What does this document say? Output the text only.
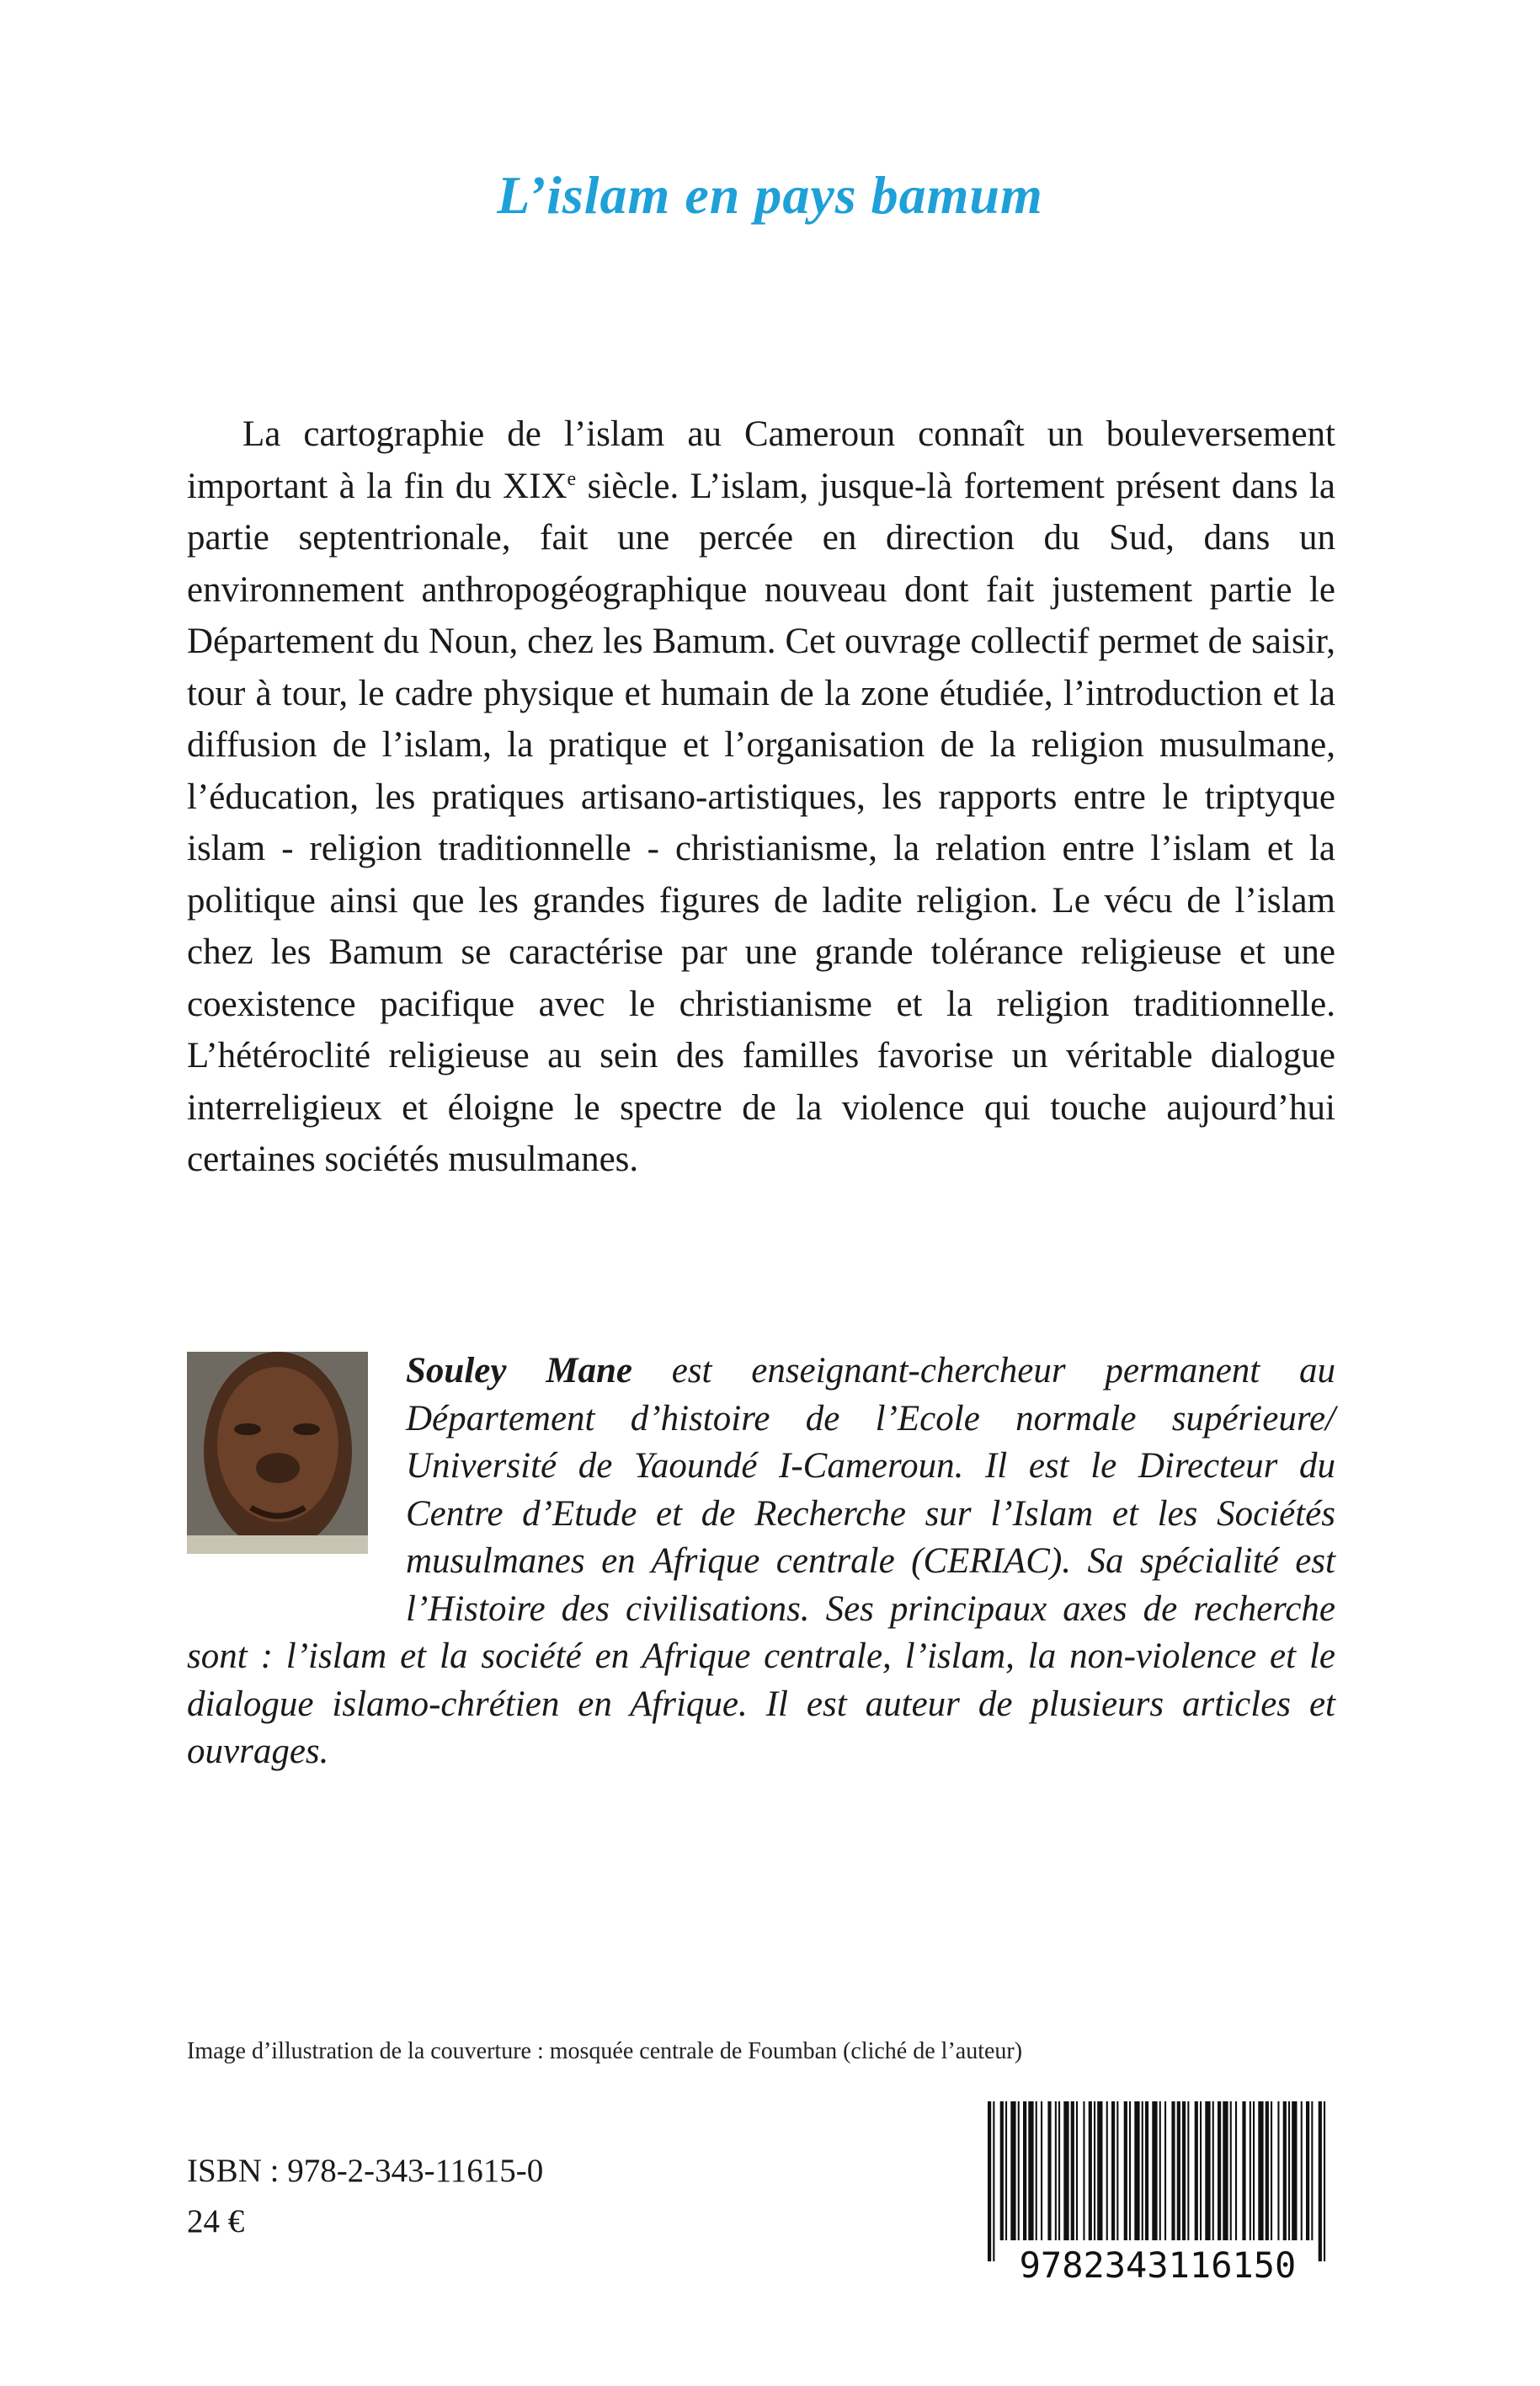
L’islam en pays bamum

La cartographie de l’islam au Cameroun connaît un bouleversement important à la fin du XIXe siècle. L’islam, jusque-là fortement présent dans la partie septentrionale, fait une percée en direction du Sud, dans un environnement anthropogéographique nouveau dont fait justement partie le Département du Noun, chez les Bamum. Cet ouvrage collectif permet de saisir, tour à tour, le cadre physique et humain de la zone étudiée, l’introduction et la diffusion de l’islam, la pratique et l’organisation de la religion musulmane, l’éducation, les pratiques artisano-artistiques, les rapports entre le triptyque islam - religion traditionnelle - christianisme, la relation entre l’islam et la politique ainsi que les grandes figures de ladite religion. Le vécu de l’islam chez les Bamum se caractérise par une grande tolérance religieuse et une coexistence pacifique avec le christianisme et la religion traditionnelle. L’hétéroclité religieuse au sein des familles favorise un véritable dialogue interreligieux et éloigne le spectre de la violence qui touche aujourd’hui certaines sociétés musulmanes.

Souley Mane est enseignant-chercheur permanent au Département d’histoire de l’Ecole normale supérieure/ Université de Yaoundé I-Cameroun. Il est le Directeur du Centre d’Etude et de Recherche sur l’Islam et les Sociétés musulmanes en Afrique centrale (CERIAC). Sa spécialité est l’Histoire des civilisations. Ses principaux axes de recherche sont : l’islam et la société en Afrique centrale, l’islam, la non-violence et le dialogue islamo-chrétien en Afrique. Il est auteur de plusieurs articles et ouvrages.

Image d’illustration de la couverture : mosquée centrale de Foumban (cliché de l’auteur)
ISBN : 978-2-343-11615-0
24 €
9782343116150
